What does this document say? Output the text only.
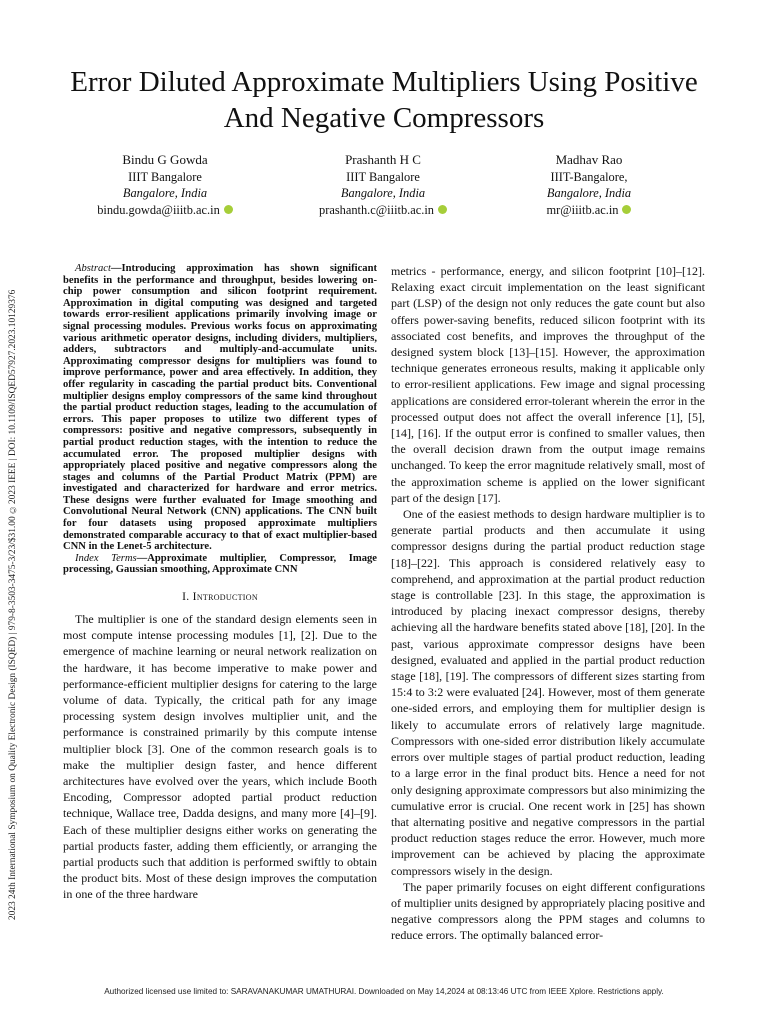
2023 24th International Symposium on Quality Electronic Design (ISQED) | 979-8-3503-3475-3/23/$31.00 ©2023 IEEE | DOI: 10.1109/ISQED57927.2023.10129376
Error Diluted Approximate Multipliers Using Positive And Negative Compressors
Bindu G Gowda
IIIT Bangalore
Bangalore, India
bindu.gowda@iiitb.ac.in
Prashanth H C
IIIT Bangalore
Bangalore, India
prashanth.c@iiitb.ac.in
Madhav Rao
IIIT-Bangalore,
Bangalore, India
mr@iiitb.ac.in

Abstract—Introducing approximation has shown significant benefits in the performance and throughput, besides lowering on-chip power consumption and silicon footprint requirement. Approximation in digital computing was designed and targeted towards error-resilient applications primarily involving image or signal processing modules. Previous works focus on approximating various arithmetic operator designs, including dividers, multipliers, adders, subtractors and multiply-and-accumulate units. Approximating compressor designs for multipliers was found to improve performance, power and area effectively. In addition, they offer regularity in cascading the partial product bits. Conventional multiplier designs employ compressors of the same kind throughout the partial product reduction stages, leading to the accumulation of errors. This paper proposes to utilize two different types of compressors: positive and negative compressors, subsequently in partial product reduction stages, with the intention to reduce the accumulated error. The proposed multiplier designs with appropriately placed positive and negative compressors along the stages and columns of the Partial Product Matrix (PPM) are investigated and characterized for hardware and error metrics. These designs were further evaluated for Image smoothing and Convolutional Neural Network (CNN) applications. The CNN built for four datasets using proposed approximate multipliers demonstrated comparable accuracy to that of exact multiplier-based CNN in the Lenet-5 architecture.

Index Terms—Approximate multiplier, Compressor, Image processing, Gaussian smoothing, Approximate CNN

I. Introduction

The multiplier is one of the standard design elements seen in most compute intense processing modules [1], [2]. Due to the emergence of machine learning or neural network realization on the hardware, it has become imperative to make power and performance-efficient multiplier designs for catering to the large volume of data. Typically, the critical path for any image processing system design involves multiplier unit, and the performance is constrained primarily by this compute intense multiplier block [3]. One of the common research goals is to make the multiplier design faster, and hence different architectures have evolved over the years, which include Booth Encoding, Compressor adopted partial product reduction technique, Wallace tree, Dadda designs, and many more [4]–[9]. Each of these multiplier designs either works on generating the partial products faster, adding them efficiently, or arranging the partial products such that addition is performed swiftly to obtain the product bits. Most of these design improves the computation in one of the three hardware

metrics - performance, energy, and silicon footprint [10]–[12]. Relaxing exact circuit implementation on the least significant part (LSP) of the design not only reduces the gate count but also offers power-saving benefits, reduced silicon footprint with its associated cost benefits, and improves the throughput of the designed system block [13]–[15]. However, the approximation technique generates erroneous results, making it applicable only to error-resilient applications. Few image and signal processing applications are considered error-tolerant wherein the error in the processed output does not affect the overall inference [1], [5], [14], [16]. If the output error is confined to smaller values, then the overall decision drawn from the output image remains unchanged. To keep the error magnitude relatively small, most of the approximation scheme is applied on the lower significant part of the design [17].

One of the easiest methods to design hardware multiplier is to generate partial products and then accumulate it using compressor designs during the partial product reduction stage [18]–[22]. This approach is considered relatively easy to comprehend, and approximation at the partial product reduction stage is controllable [23]. In this stage, the approximation is introduced by placing inexact compressor designs, thereby achieving all the hardware benefits stated above [18], [20]. In the past, various approximate compressor designs have been designed, evaluated and applied in the partial product reduction stage [18], [19]. The compressors of different sizes starting from 15:4 to 3:2 were evaluated [24]. However, most of them generate one-sided errors, and employing them for multiplier design is likely to accumulate errors of relatively large magnitude. Compressors with one-sided error distribution likely accumulate errors over multiple stages of partial product reduction, leading to a large error in the final product bits. Hence a need for not only designing approximate compressors but also minimizing the cumulative error is crucial. One recent work in [25] has shown that alternating positive and negative compressors in the partial product reduction stages reduce the error. However, much more improvement can be achieved by placing the approximate compressors wisely in the design.

The paper primarily focuses on eight different configurations of multiplier units designed by appropriately placing positive and negative compressors along the PPM stages and columns to reduce errors. The optimally balanced error-

Authorized licensed use limited to: SARAVANAKUMAR UMATHURAI. Downloaded on May 14,2024 at 08:13:46 UTC from IEEE Xplore. Restrictions apply.
